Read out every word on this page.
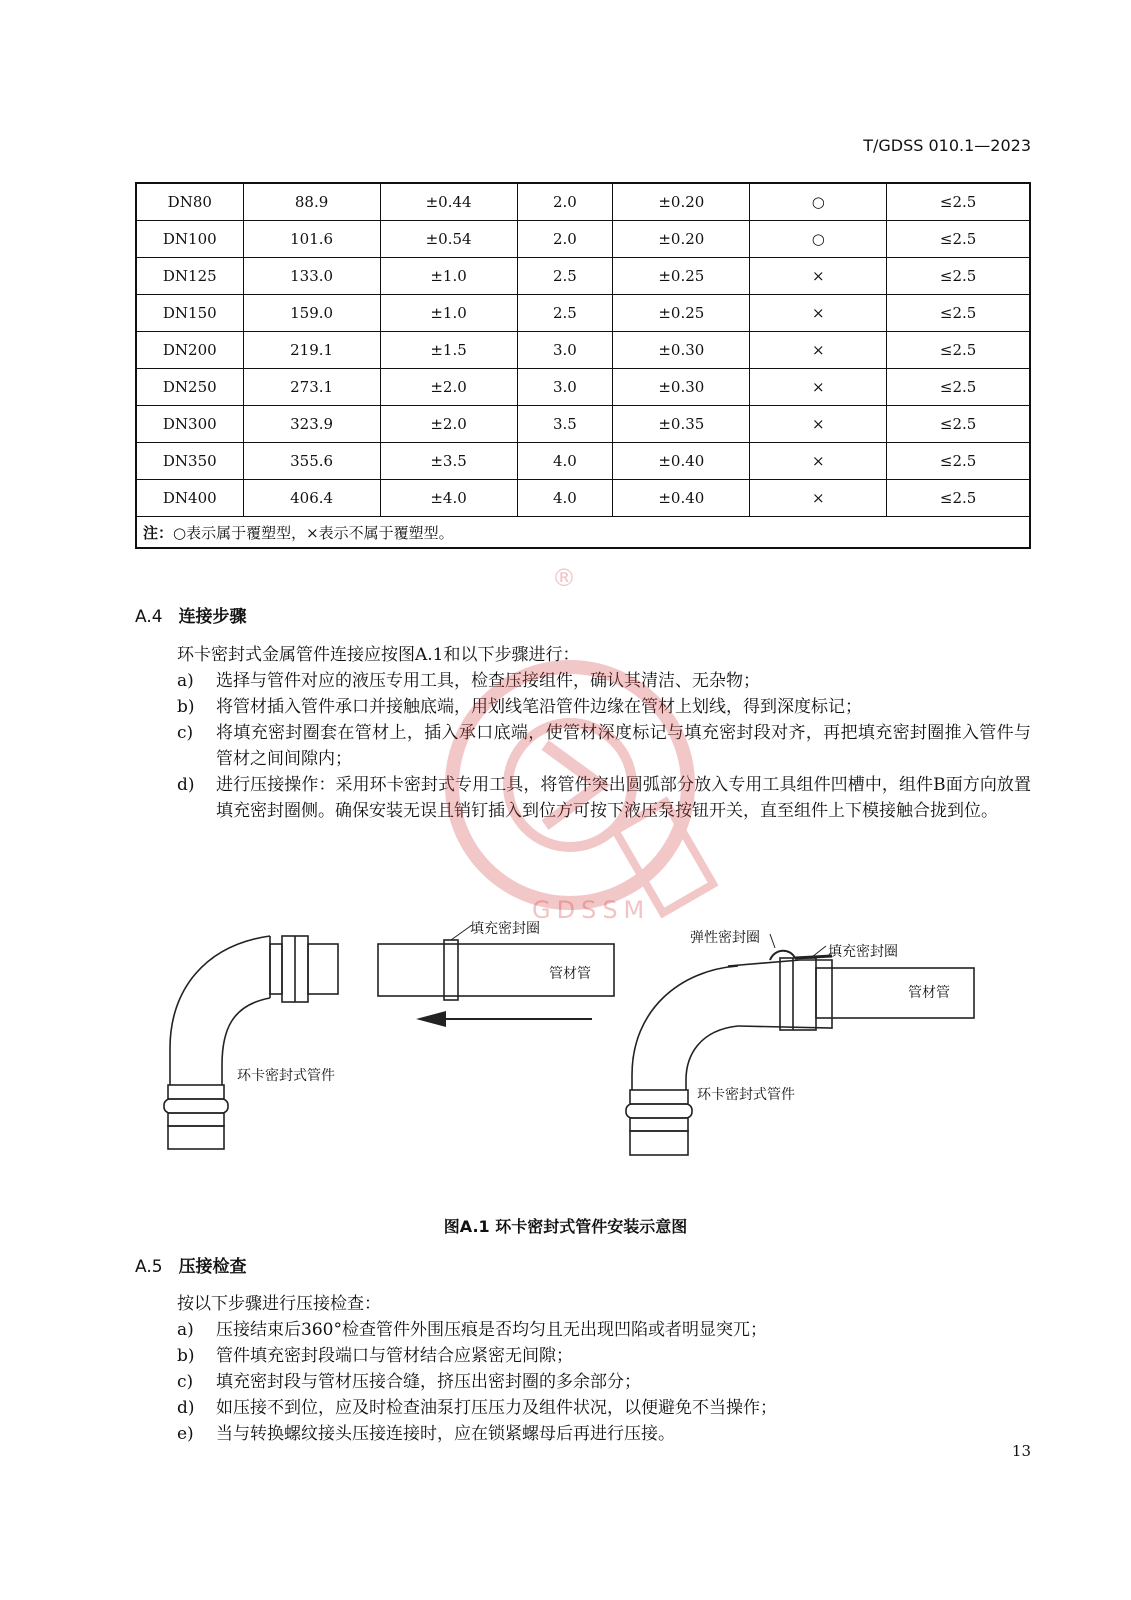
T/GDSS 010.1—2023
DN80	88.9	±0.44	2.0	±0.20	○	≤2.5
DN100	101.6	±0.54	2.0	±0.20	○	≤2.5
DN125	133.0	±1.0	2.5	±0.25	×	≤2.5
DN150	159.0	±1.0	2.5	±0.25	×	≤2.5
DN200	219.1	±1.5	3.0	±0.30	×	≤2.5
DN250	273.1	±2.0	3.0	±0.30	×	≤2.5
DN300	323.9	±2.0	3.5	±0.35	×	≤2.5
DN350	355.6	±3.5	4.0	±0.40	×	≤2.5
DN400	406.4	±4.0	4.0	±0.40	×	≤2.5
注：○表示属于覆塑型，×表示不属于覆塑型。						
A.4 连接步骤
环卡密封式金属管件连接应按图A.1和以下步骤进行：
a)	选择与管件对应的液压专用工具，检查压接组件，确认其清洁、无杂物；
b)	将管材插入管件承口并接触底端，用划线笔沿管件边缘在管材上划线，得到深度标记；
c)	将填充密封圈套在管材上，插入承口底端，使管材深度标记与填充密封段对齐，再把填充密封圈推入管件与管材之间间隙内；
d)	进行压接操作：采用环卡密封式专用工具，将管件突出圆弧部分放入专用工具组件凹槽中，组件B面方向放置填充密封圈侧。确保安装无误且销钉插入到位方可按下液压泵按钮开关，直至组件上下模接触合拢到位。
填充密封圈
管材管
环卡密封式管件
弹性密封圈
填充密封圈
管材管
环卡密封式管件
图A.1 环卡密封式管件安装示意图
A.5 压接检查
按以下步骤进行压接检查：
a)	压接结束后360°检查管件外围压痕是否均匀且无出现凹陷或者明显突兀；
b)	管件填充密封段端口与管材结合应紧密无间隙；
c)	填充密封段与管材压接合缝，挤压出密封圈的多余部分；
d)	如压接不到位，应及时检查油泵打压压力及组件状况，以便避免不当操作；
e)	当与转换螺纹接头压接连接时，应在锁紧螺母后再进行压接。
13
GDSSM
®
